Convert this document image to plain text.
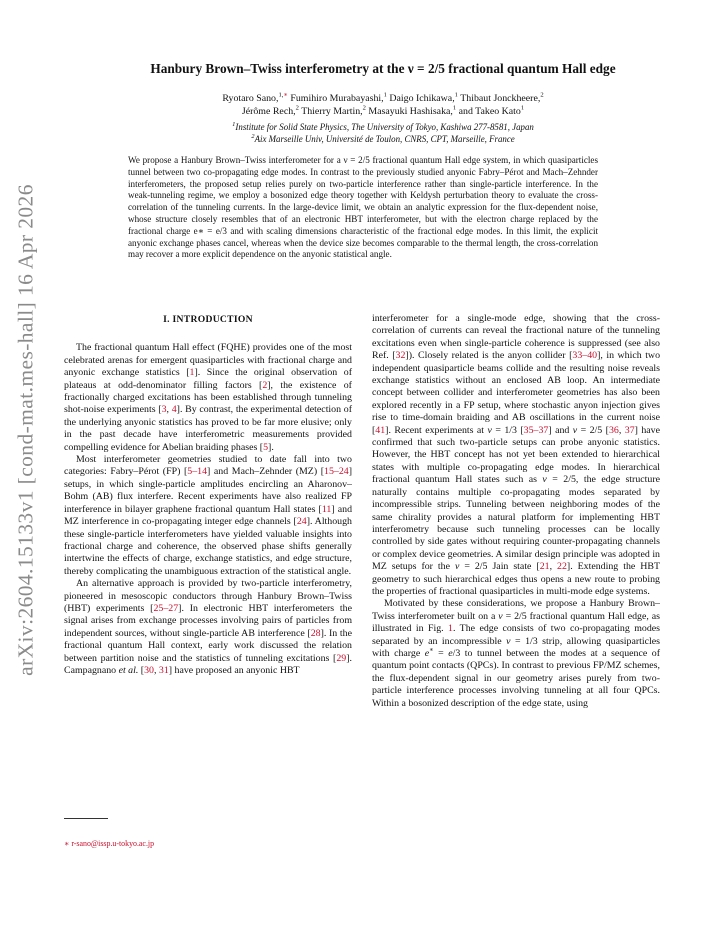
arXiv:2604.15133v1 [cond-mat.mes-hall] 16 Apr 2026
Hanbury Brown–Twiss interferometry at the ν = 2/5 fractional quantum Hall edge
Ryotaro Sano,$^{1,∗}$ Fumihiro Murabayashi,$^1$ Daigo Ichikawa,$^1$ Thibaut Jonckheere,$^2$
Jérôme Rech,$^2$ Thierry Martin,$^2$ Masayuki Hashisaka,$^1$ and Takeo Kato$^1$
$^1$Institute for Solid State Physics, The University of Tokyo, Kashiwa 277-8581, Japan
$^2$Aix Marseille Univ, Université de Toulon, CNRS, CPT, Marseille, France
We propose a Hanbury Brown–Twiss interferometer for a ν = 2/5 fractional quantum Hall edge system, in which quasiparticles tunnel between two co-propagating edge modes. In contrast to the previously studied anyonic Fabry–Pérot and Mach–Zehnder interferometers, the proposed setup relies purely on two-particle interference rather than single-particle interference. In the weak-tunneling regime, we employ a bosonized edge theory together with Keldysh perturbation theory to evaluate the cross-correlation of the tunneling currents. In the large-device limit, we obtain an analytic expression for the flux-dependent noise, whose structure closely resembles that of an electronic HBT interferometer, but with the electron charge replaced by the fractional charge e∗ = e/3 and with scaling dimensions characteristic of the fractional edge modes. In this limit, the explicit anyonic exchange phases cancel, whereas when the device size becomes comparable to the thermal length, the cross-correlation may recover a more explicit dependence on the anyonic statistical angle.
I. INTRODUCTION

The fractional quantum Hall effect (FQHE) provides one of the most celebrated arenas for emergent quasiparticles with fractional charge and anyonic exchange statistics [1]. Since the original observation of plateaus at odd-denominator filling factors [2], the existence of fractionally charged excitations has been established through tunneling shot-noise experiments [3, 4]. By contrast, the experimental detection of the underlying anyonic statistics has proved to be far more elusive; only in the past decade have interferometric measurements provided compelling evidence for Abelian braiding phases [5].

Most interferometer geometries studied to date fall into two categories: Fabry–Pérot (FP) [5–14] and Mach–Zehnder (MZ) [15–24] setups, in which single-particle amplitudes encircling an Aharonov–Bohm (AB) flux interfere. Recent experiments have also realized FP interference in bilayer graphene fractional quantum Hall states [11] and MZ interference in co-propagating integer edge channels [24]. Although these single-particle interferometers have yielded valuable insights into fractional charge and coherence, the observed phase shifts generally intertwine the effects of charge, exchange statistics, and edge structure, thereby complicating the unambiguous extraction of the statistical angle.

An alternative approach is provided by two-particle interferometry, pioneered in mesoscopic conductors through Hanbury Brown–Twiss (HBT) experiments [25–27]. In electronic HBT interferometers the signal arises from exchange processes involving pairs of particles from independent sources, without single-particle AB interference [28]. In the fractional quantum Hall context, early work discussed the relation between partition noise and the statistics of tunneling excitations [29]. Campagnano et al. [30, 31] have proposed an anyonic HBT

interferometer for a single-mode edge, showing that the cross-correlation of currents can reveal the fractional nature of the tunneling excitations even when single-particle coherence is suppressed (see also Ref. [32]). Closely related is the anyon collider [33–40], in which two independent quasiparticle beams collide and the resulting noise reveals exchange statistics without an enclosed AB loop. An intermediate concept between collider and interferometer geometries has also been explored recently in a FP setup, where stochastic anyon injection gives rise to time-domain braiding and AB oscillations in the current noise [41]. Recent experiments at ν = 1/3 [35–37] and ν = 2/5 [36, 37] have confirmed that such two-particle setups can probe anyonic statistics. However, the HBT concept has not yet been extended to hierarchical states with multiple co-propagating edge modes. In hierarchical fractional quantum Hall states such as ν = 2/5, the edge structure naturally contains multiple co-propagating modes separated by incompressible strips. Tunneling between neighboring modes of the same chirality provides a natural platform for implementing HBT interferometry because such tunneling processes can be locally controlled by side gates without requiring counter-propagating channels or complex device geometries. A similar design principle was adopted in MZ setups for the ν = 2/5 Jain state [21, 22]. Extending the HBT geometry to such hierarchical edges thus opens a new route to probing the properties of fractional quasiparticles in multi-mode edge systems.

Motivated by these considerations, we propose a Hanbury Brown–Twiss interferometer built on a ν = 2/5 fractional quantum Hall edge, as illustrated in Fig. 1. The edge consists of two co-propagating modes separated by an incompressible ν = 1/3 strip, allowing quasiparticles with charge e∗ = e/3 to tunnel between the modes at a sequence of quantum point contacts (QPCs). In contrast to previous FP/MZ schemes, the flux-dependent signal in our geometry arises purely from two-particle interference processes involving tunneling at all four QPCs. Within a bosonized description of the edge state, using

∗ r-sano@issp.u-tokyo.ac.jp
